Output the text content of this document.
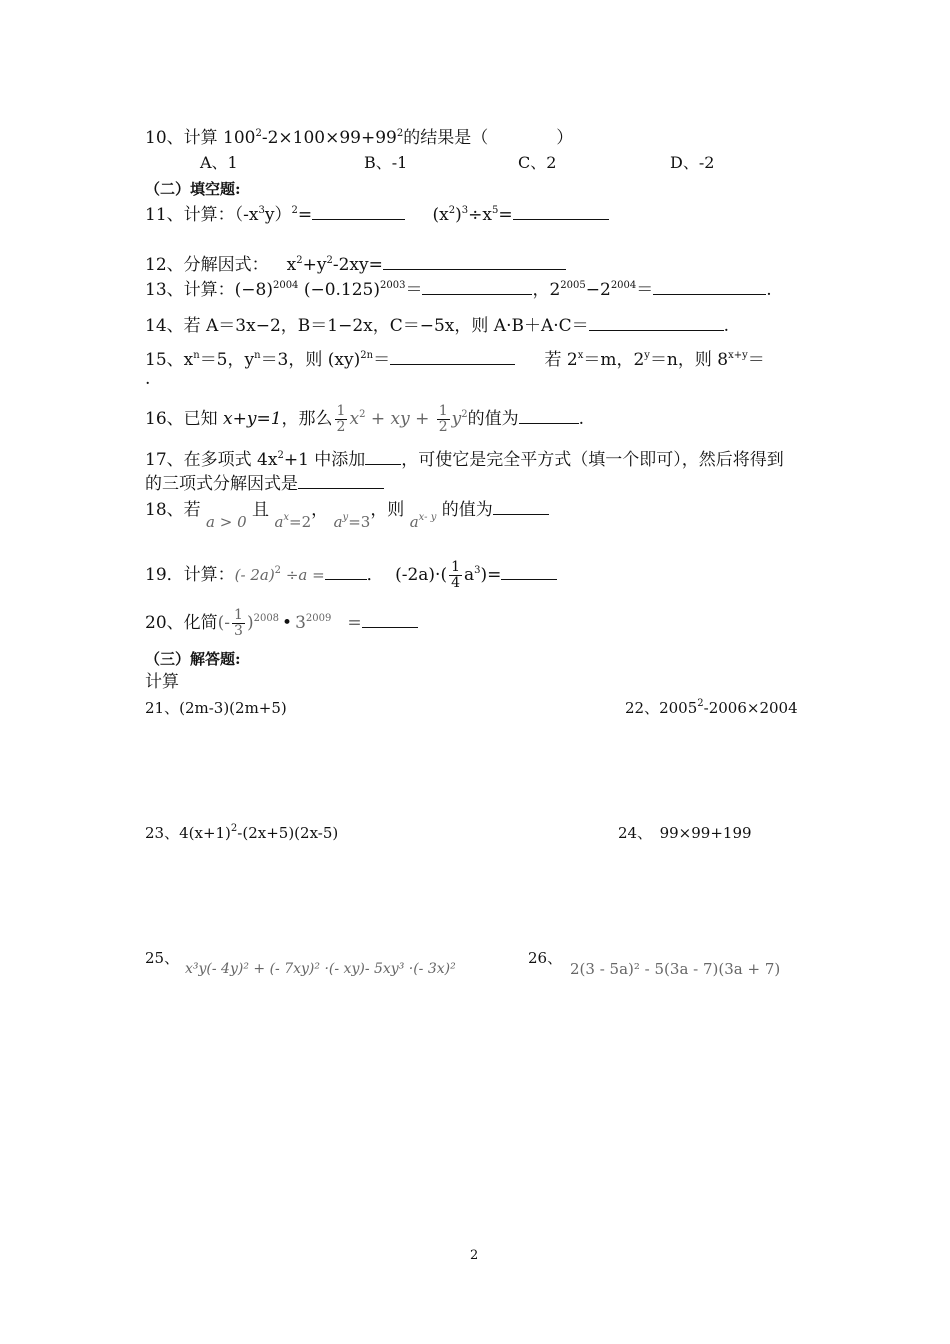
10、计算 $100^2-2\times 100\times 99+99^2$的结果是（　　　　）
A、1	B、-1	C、2	D、-2
（二）填空题:
11、计算：$(-x^3y)^2=$	$(x^2)^3\div x^5=$
12、分解因式： $x^2+y^2-2xy=$
13、计算：$(-8)^{2004}$ $(-0.125)^{2003}=$	，$2^{2005}-2^{2004}=$	.
14、若 A＝3x−2，B＝1−2x，C＝−5x，则 A·B＋A·C＝	.
15、$x^n=5$，$y^n=3$，则 (xy)$^{2n}$＝	若 $2^x=m$，$2^y=n$，则 $8^{x+y}=$
.
16、已知 x+y=1，那么 $\frac{1}{2} x^2$ + xy + $\frac{1}{2} y^2$的值为	.
17、在多项式 $4x^2+1$ 中添加 ，可使它是完全平方式（填一个即可），然后将得到
的三项式分解因式是
18、若 a > 0 且 $a^x=2$， $a^y=3$，则 $a^{x- y}$ 的值为
19．计算：(- 2a)$^2$ ÷a = ． $(-2a)\cdot( \frac{1}{4} a^3)=$
20、化简(- $\frac{1}{3} )^{2008}$ • $3^{2009}$ =
（三）解答题:
计算
21、(2m-3)(2m+5)	22、$2005^2-2006\times 2004$
23、$4(x+1)^2-(2x+5)(2x-5)$	24、　99×99+199
25、
x³y(- 4y)² + (- 7xy)² ·(- xy)- 5xy³ ·(- 3x)²
26、
2(3 - 5a)² - 5(3a - 7)(3a + 7)
2
